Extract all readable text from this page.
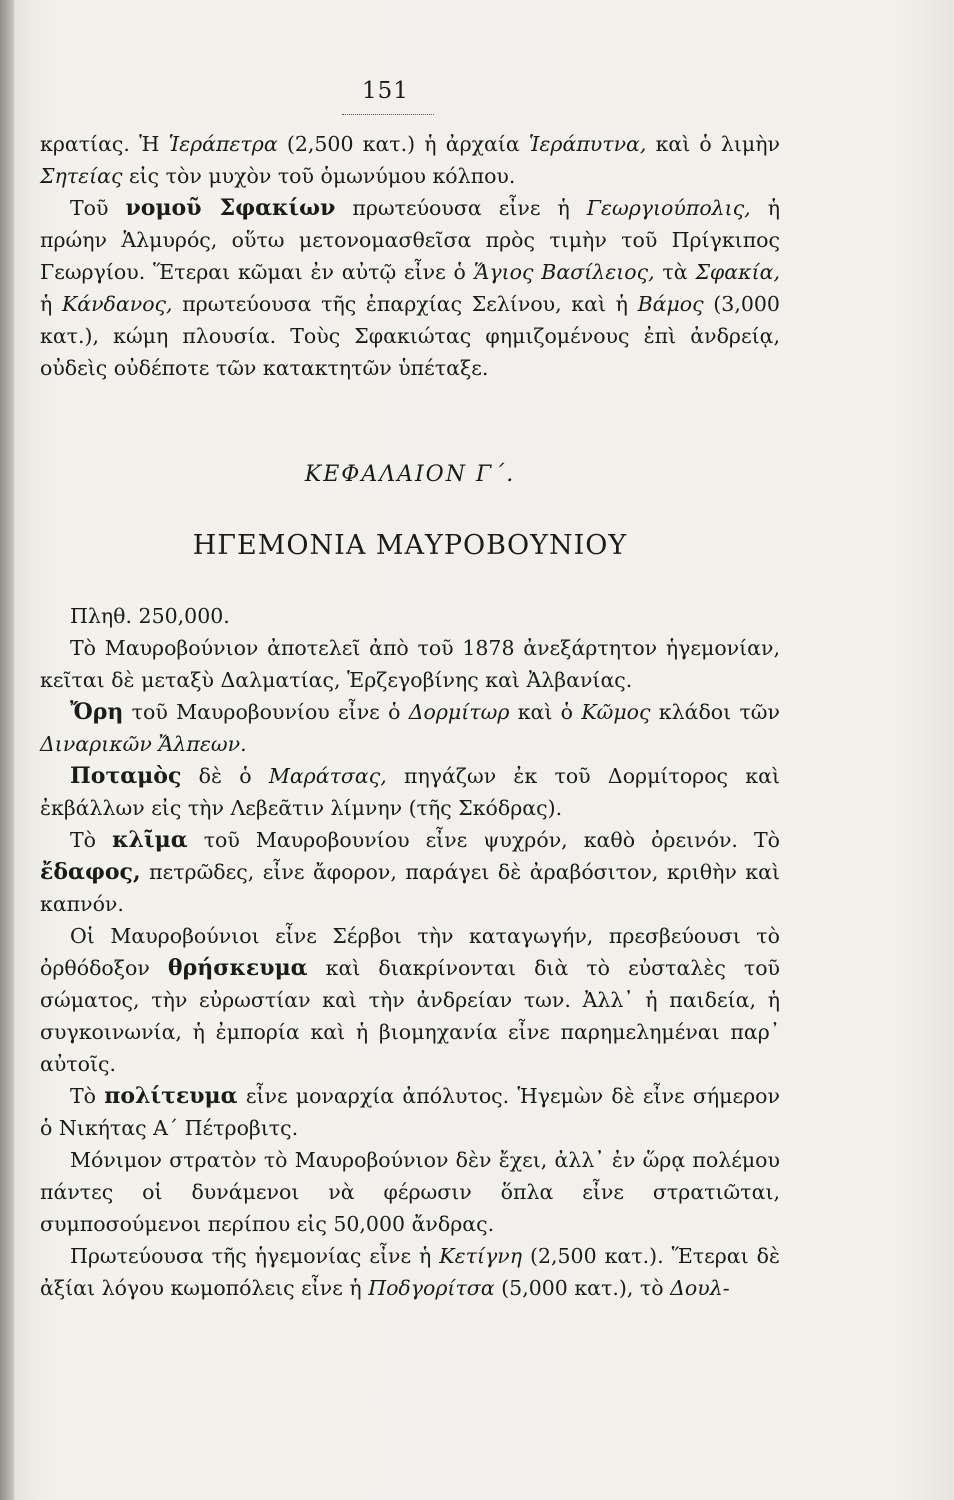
151

κρατίας. Ἡ Ἱεράπετρα (2,500 κατ.) ἡ ἀρχαία Ἱεράπυτνα, καὶ ὁ λιμὴν Σητείας εἰς τὸν μυχὸν τοῦ ὁμωνύμου κόλπου.

Τοῦ νομοῦ Σφακίων πρωτεύουσα εἶνε ἡ Γεωργιούπολις, ἡ πρώην Ἁλμυρός, οὕτω μετονομασθεῖσα πρὸς τιμὴν τοῦ Πρίγκιπος Γεωργίου. Ἕτεραι κῶμαι ἐν αὐτῷ εἶνε ὁ Ἅγιος Βασίλειος, τὰ Σφακία, ἡ Κάνδανος, πρωτεύουσα τῆς ἐπαρχίας Σελίνου, καὶ ἡ Βάμος (3,000 κατ.), κώμη πλουσία. Τοὺς Σφακιώτας φημιζομένους ἐπὶ ἀνδρείᾳ, οὐδεὶς οὐδέποτε τῶν κατακτητῶν ὑπέταξε.

ΚΕΦΑΛΑΙΟΝ Γ΄.
ΗΓΕΜΟΝΙΑ ΜΑΥΡΟΒΟΥΝΙΟΥ

Πληθ. 250,000.

Τὸ Μαυροβούνιον ἀποτελεῖ ἀπὸ τοῦ 1878 ἀνεξάρτητον ἡγεμονίαν, κεῖται δὲ μεταξὺ Δαλματίας, Ἑρζεγοβίνης καὶ Ἀλβανίας.

Ὄρη τοῦ Μαυροβουνίου εἶνε ὁ Δορμίτωρ καὶ ὁ Κῶμος κλάδοι τῶν Διναρικῶν Ἄλπεων.

Ποταμὸς δὲ ὁ Μαράτσας, πηγάζων ἐκ τοῦ Δορμίτορος καὶ ἐκβάλλων εἰς τὴν Λεβεᾶτιν λίμνην (τῆς Σκόδρας).

Τὸ κλῖμα τοῦ Μαυροβουνίου εἶνε ψυχρόν, καθὸ ὀρεινόν. Τὸ ἔδαφος, πετρῶδες, εἶνε ἄφορον, παράγει δὲ ἀραβόσιτον, κριθὴν καὶ καπνόν.

Οἱ Μαυροβούνιοι εἶνε Σέρβοι τὴν καταγωγήν, πρεσβεύουσι τὸ ὀρθόδοξον θρήσκευμα καὶ διακρίνονται διὰ τὸ εὐσταλὲς τοῦ σώματος, τὴν εὐρωστίαν καὶ τὴν ἀνδρείαν των. Ἀλλ᾽ ἡ παιδεία, ἡ συγκοινωνία, ἡ ἐμπορία καὶ ἡ βιομηχανία εἶνε παρημελημέναι παρ᾽ αὐτοῖς.

Τὸ πολίτευμα εἶνε μοναρχία ἀπόλυτος. Ἡγεμὼν δὲ εἶνε σήμερον ὁ Νικήτας Α΄ Πέτροβιτς.

Μόνιμον στρατὸν τὸ Μαυροβούνιον δὲν ἔχει, ἀλλ᾽ ἐν ὥρᾳ πολέμου πάντες οἱ δυνάμενοι νὰ φέρωσιν ὅπλα εἶνε στρατιῶται, συμποσούμενοι περίπου εἰς 50,000 ἄνδρας.

Πρωτεύουσα τῆς ἡγεμονίας εἶνε ἡ Κετίγνη (2,500 κατ.). Ἕτεραι δὲ ἀξίαι λόγου κωμοπόλεις εἶνε ἡ Ποδγορίτσα (5,000 κατ.), τὸ Δουλ-
